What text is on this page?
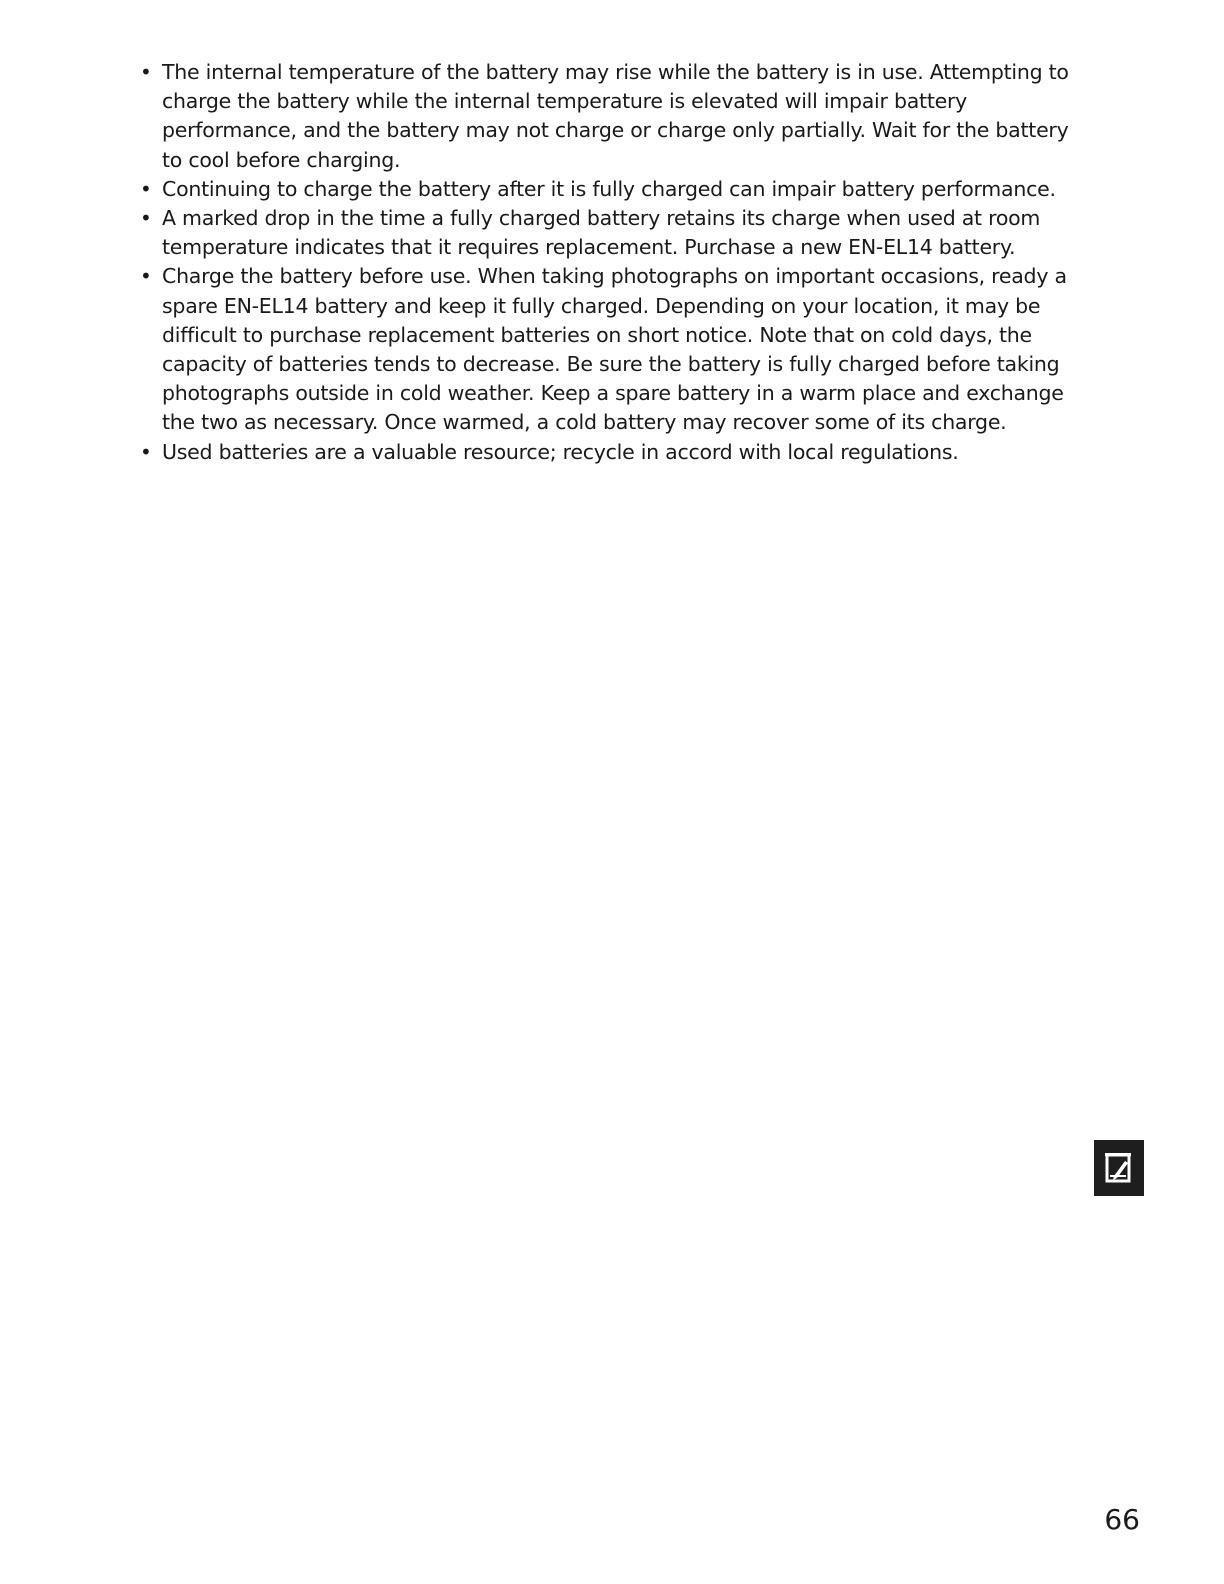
• The internal temperature of the battery may rise while the battery is in use. Attempting to charge the battery while the internal temperature is elevated will impair battery performance, and the battery may not charge or charge only partially. Wait for the battery to cool before charging.
• Continuing to charge the battery after it is fully charged can impair battery performance.
• A marked drop in the time a fully charged battery retains its charge when used at room temperature indicates that it requires replacement. Purchase a new EN-EL14 battery.
• Charge the battery before use. When taking photographs on important occasions, ready a spare EN-EL14 battery and keep it fully charged. Depending on your location, it may be difficult to purchase replacement batteries on short notice. Note that on cold days, the capacity of batteries tends to decrease. Be sure the battery is fully charged before taking photographs outside in cold weather. Keep a spare battery in a warm place and exchange the two as necessary. Once warmed, a cold battery may recover some of its charge.
• Used batteries are a valuable resource; recycle in accord with local regulations.
66
